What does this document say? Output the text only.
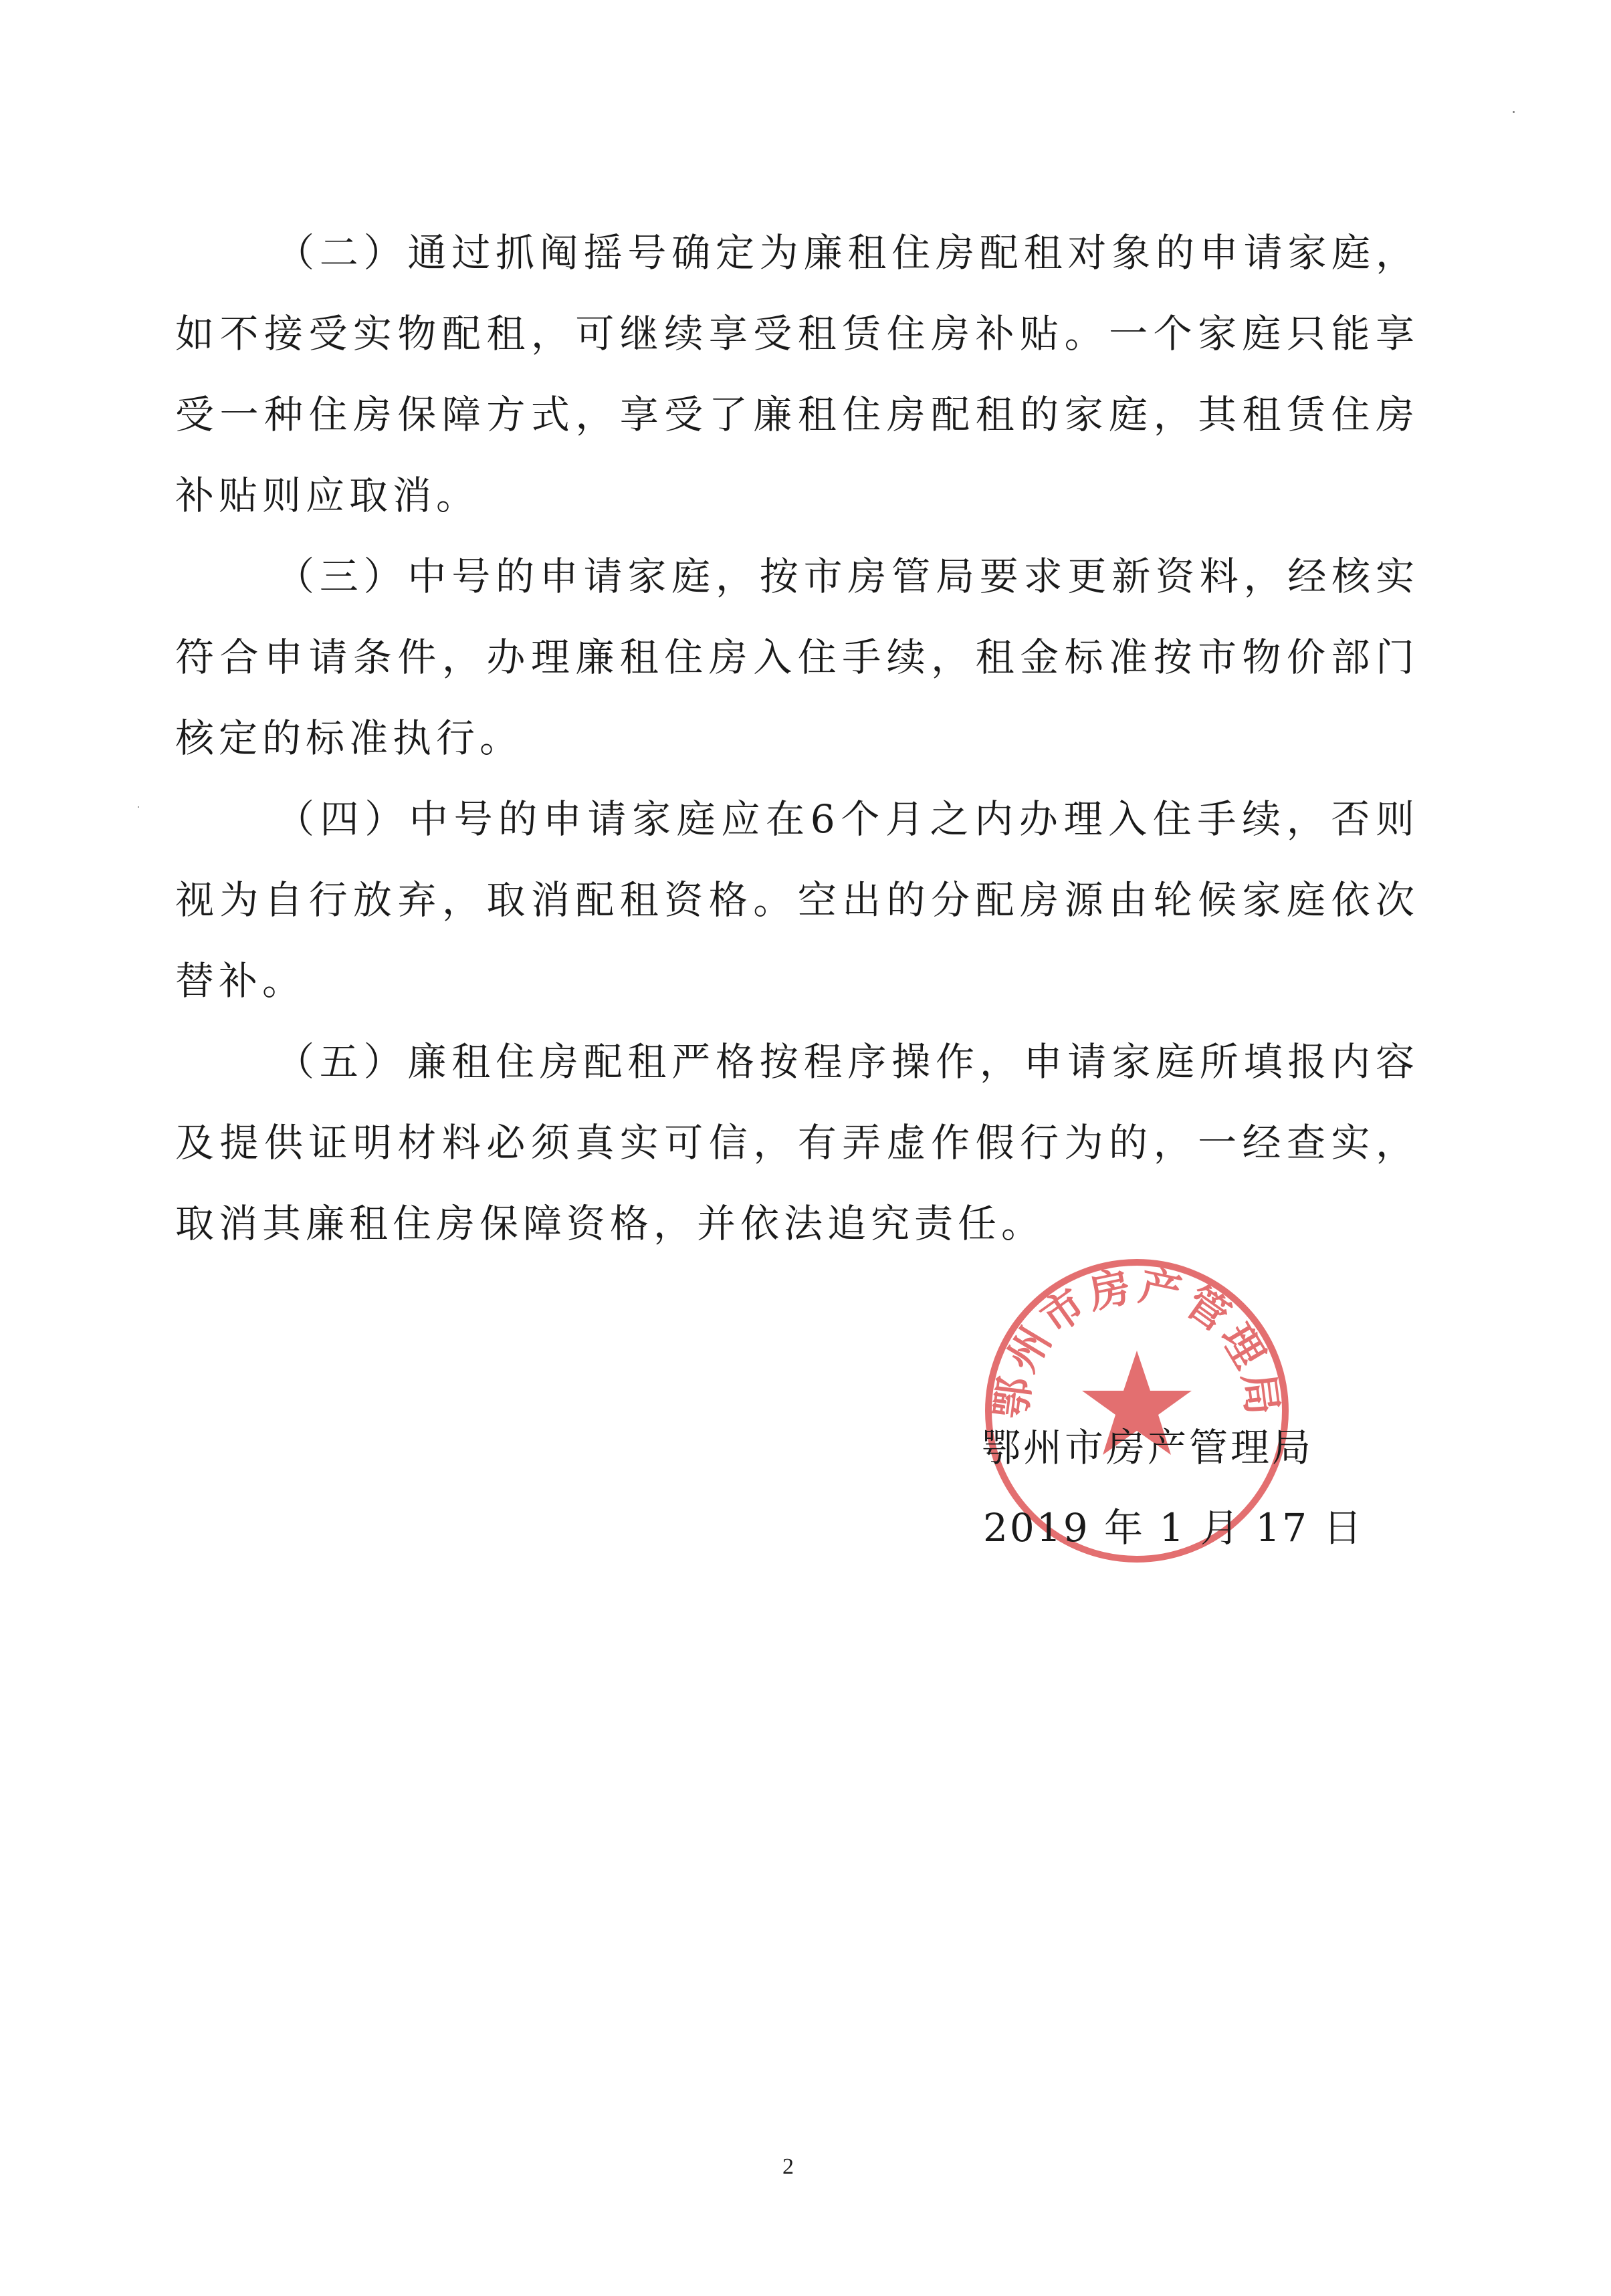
（二）通过抓阄摇号确定为廉租住房配租对象的申请家庭，如不接受实物配租，可继续享受租赁住房补贴。一个家庭只能享受一种住房保障方式，享受了廉租住房配租的家庭，其租赁住房补贴则应取消。

（三）中号的申请家庭，按市房管局要求更新资料，经核实符合申请条件，办理廉租住房入住手续，租金标准按市物价部门核定的标准执行。

（四）中号的申请家庭应在6个月之内办理入住手续，否则视为自行放弃，取消配租资格。空出的分配房源由轮候家庭依次替补。

（五）廉租住房配租严格按程序操作，申请家庭所填报内容及提供证明材料必须真实可信，有弄虚作假行为的，一经查实，取消其廉租住房保障资格，并依法追究责任。

鄂州市房产管理局
鄂州市房产管理局
2019 年 1 月 17 日
2
